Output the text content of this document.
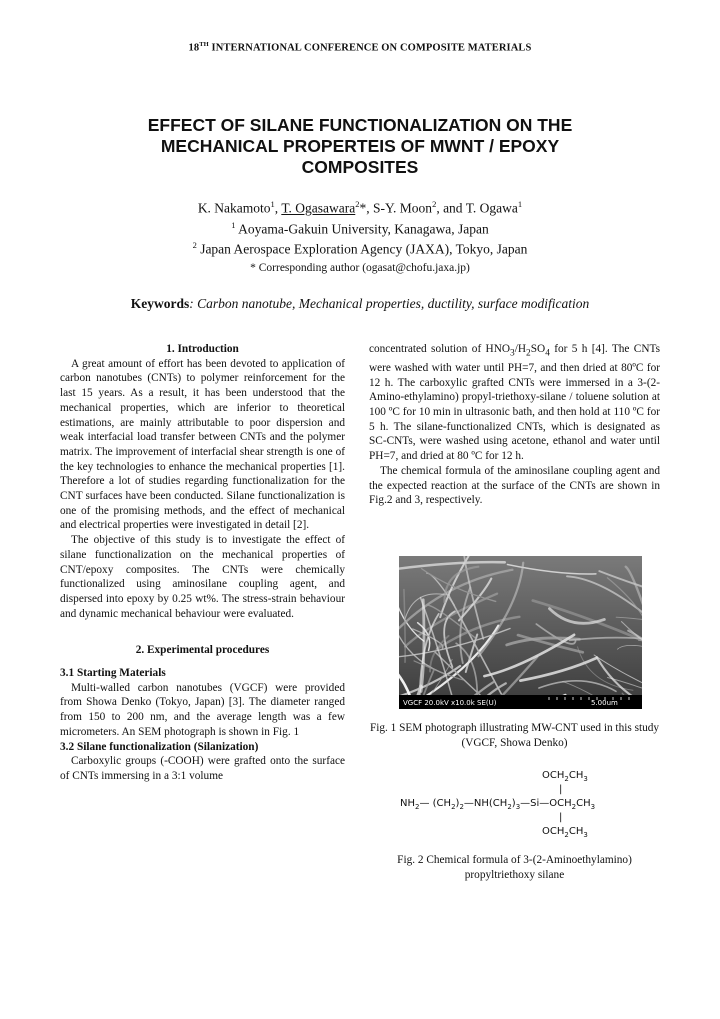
18TH INTERNATIONAL CONFERENCE ON COMPOSITE MATERIALS
EFFECT OF SILANE FUNCTIONALIZATION ON THE
MECHANICAL PROPERTEIS OF MWNT / EPOXY
COMPOSITES
K. Nakamoto$^1$, T. Ogasawara$^2$*, S-Y. Moon$^2$, and T. Ogawa$^1$
$^1$ Aoyama-Gakuin University, Kanagawa, Japan
$^2$ Japan Aerospace Exploration Agency (JAXA), Tokyo, Japan
* Corresponding author (ogasat@chofu.jaxa.jp)
Keywords: Carbon nanotube, Mechanical properties, ductility, surface modification

1. Introduction

A great amount of effort has been devoted to application of carbon nanotubes (CNTs) to polymer reinforcement for the last 15 years. As a result, it has been understood that the mechanical properties, which are inferior to theoretical estimations, are mainly attributable to poor dispersion and weak interfacial load transfer between CNTs and the polymer matrix. The improvement of interfacial shear strength is one of the key technologies to enhance the mechanical properties [1]. Therefore a lot of studies regarding functionalization for the CNT surfaces have been conducted. Silane functionalization is one of the promising methods, and the effect of mechanical and electrical properties were investigated in detail [2].

The objective of this study is to investigate the effect of silane functionalization on the mechanical properties of CNT/epoxy composites. The CNTs were chemically functionalized using aminosilane coupling agent, and dispersed into epoxy by 0.25 wt%. The stress-strain behaviour and dynamic mechanical behaviour were evaluated.

2. Experimental procedures

3.1 Starting Materials

Multi-walled carbon nanotubes (VGCF) were provided from Showa Denko (Tokyo, Japan) [3]. The diameter ranged from 150 to 200 nm, and the average length was a few micrometers. An SEM photograph is shown in Fig. 1

3.2 Silane functionalization (Silanization)

Carboxylic groups (-COOH) were grafted onto the surface of CNTs immersing in a 3:1 volume

concentrated solution of $HNO_3/H_2SO_4$ for 5 h [4]. The CNTs were washed with water until PH=7, and then dried at 80ºC for 12 h. The carboxylic grafted CNTs were immersed in a 3-(2-Amino-ethylamino) propyl-triethoxy-silane / toluene solution at 100 ºC for 10 min in ultrasonic bath, and then hold at 110 ºC for 5 h. The silane-functionalized CNTs, which is designated as SC-CNTs, were washed using acetone, ethanol and water until PH=7, and dried at 80 ºC for 12 h.

The chemical formula of the aminosilane coupling agent and the expected reaction at the surface of the CNTs are shown in Fig.2 and 3, respectively.

VGCF 20.0kV x10.0k SE(U)	5.00um
Fig. 1 SEM photograph illustrating MW-CNT used in this study (VGCF, Showa Denko)
$OCH_2CH_3$
|
$NH_2—$ $(CH_2)_2—NH(CH_2)_3—Si—OCH_2CH_3$
|
$OCH_2CH_3$
Fig. 2 Chemical formula of 3-(2-Aminoethylamino) propyltriethoxy silane
